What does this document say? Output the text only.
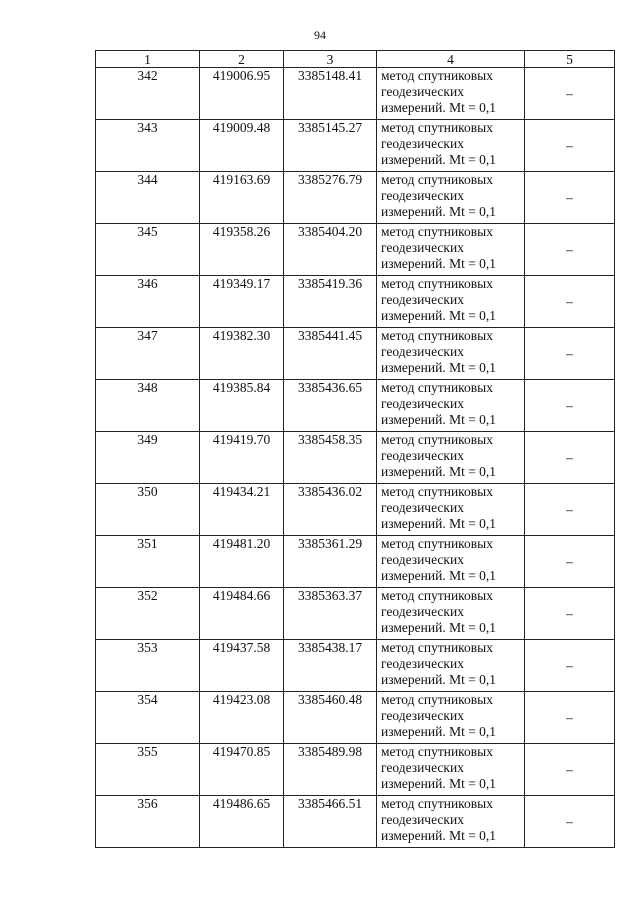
94
1	2	3	4	5
342	419006.95	3385148.41	метод спутниковых
геодезических
измерений. Mt = 0,1	–
343	419009.48	3385145.27	метод спутниковых
геодезических
измерений. Mt = 0,1	–
344	419163.69	3385276.79	метод спутниковых
геодезических
измерений. Mt = 0,1	–
345	419358.26	3385404.20	метод спутниковых
геодезических
измерений. Mt = 0,1	–
346	419349.17	3385419.36	метод спутниковых
геодезических
измерений. Mt = 0,1	–
347	419382.30	3385441.45	метод спутниковых
геодезических
измерений. Mt = 0,1	–
348	419385.84	3385436.65	метод спутниковых
геодезических
измерений. Mt = 0,1	–
349	419419.70	3385458.35	метод спутниковых
геодезических
измерений. Mt = 0,1	–
350	419434.21	3385436.02	метод спутниковых
геодезических
измерений. Mt = 0,1	–
351	419481.20	3385361.29	метод спутниковых
геодезических
измерений. Mt = 0,1	–
352	419484.66	3385363.37	метод спутниковых
геодезических
измерений. Mt = 0,1	–
353	419437.58	3385438.17	метод спутниковых
геодезических
измерений. Mt = 0,1	–
354	419423.08	3385460.48	метод спутниковых
геодезических
измерений. Mt = 0,1	–
355	419470.85	3385489.98	метод спутниковых
геодезических
измерений. Mt = 0,1	–
356	419486.65	3385466.51	метод спутниковых
геодезических
измерений. Mt = 0,1	–
